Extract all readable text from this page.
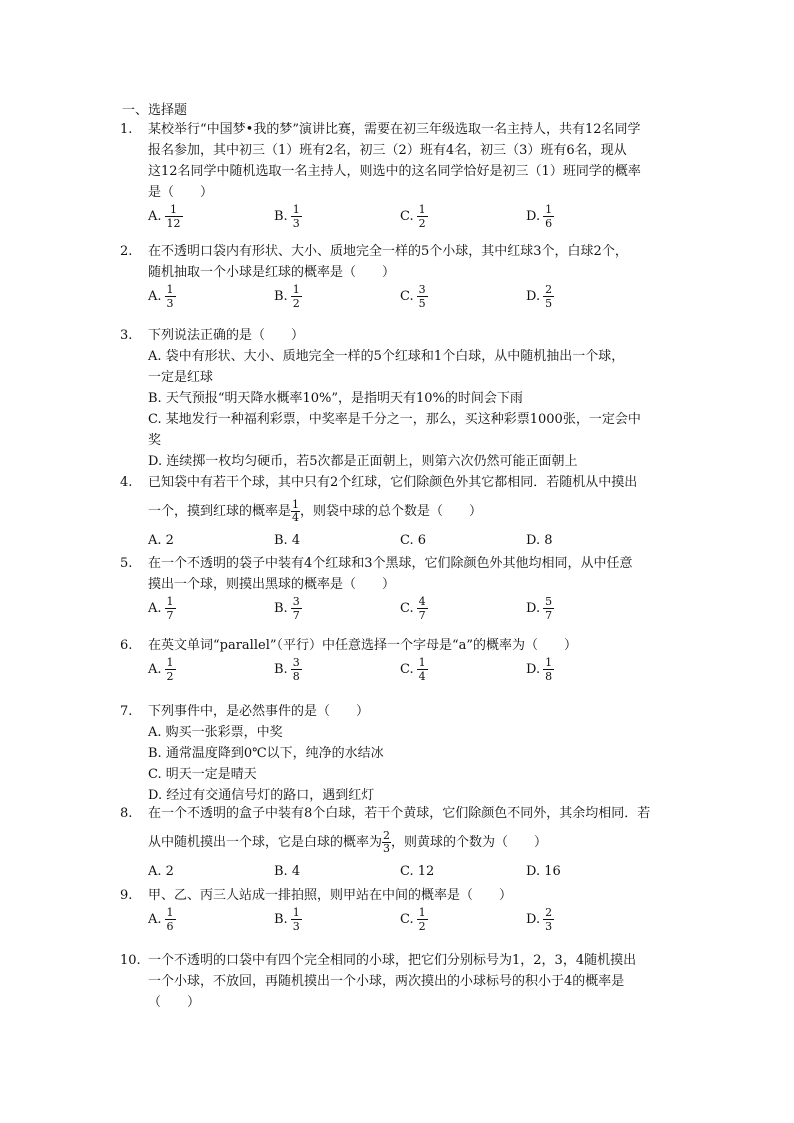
一、选择题
1.	某校举行“中国梦•我的梦”演讲比赛，需要在初三年级选取一名主持人，共有12名同学
报名参加，其中初三（1）班有2名，初三（2）班有4名，初三（3）班有6名，现从
这12名同学中随机选取一名主持人，则选中的这名同学恰好是初三（1）班同学的概率
是（　　）
A. $\frac{1}{12}$	B. $\frac{1}{3}$	C. $\frac{1}{2}$	D. $\frac{1}{6}$
2.	在不透明口袋内有形状、大小、质地完全一样的5个小球，其中红球3个，白球2个，
随机抽取一个小球是红球的概率是（　　）
A. $\frac{1}{3}$	B. $\frac{1}{2}$	C. $\frac{3}{5}$	D. $\frac{2}{5}$
3.	下列说法正确的是（　　）
A. 袋中有形状、大小、质地完全一样的5个红球和1个白球，从中随机抽出一个球，
一定是红球
B. 天气预报“明天降水概率10%”，是指明天有10%的时间会下雨
C. 某地发行一种福利彩票，中奖率是千分之一，那么，买这种彩票1000张，一定会中
奖
D. 连续掷一枚均匀硬币，若5次都是正面朝上，则第六次仍然可能正面朝上
4.	已知袋中有若干个球，其中只有2个红球，它们除颜色外其它都相同．若随机从中摸出
一个，摸到红球的概率是 $\frac{1}{4}$ ，则袋中球的总个数是（　　）
A. 2	B. 4	C. 6	D. 8
5.	在一个不透明的袋子中装有4个红球和3个黑球，它们除颜色外其他均相同，从中任意
摸出一个球，则摸出黑球的概率是（　　）
A. $\frac{1}{7}$	B. $\frac{3}{7}$	C. $\frac{4}{7}$	D. $\frac{5}{7}$
6.	在英文单词“parallel”（平行）中任意选择一个字母是“a”的概率为（　　）
A. $\frac{1}{2}$	B. $\frac{3}{8}$	C. $\frac{1}{4}$	D. $\frac{1}{8}$
7.	下列事件中，是必然事件的是（　　）
A. 购买一张彩票，中奖
B. 通常温度降到0℃以下，纯净的水结冰
C. 明天一定是晴天
D. 经过有交通信号灯的路口，遇到红灯
8.	在一个不透明的盒子中装有8个白球，若干个黄球，它们除颜色不同外，其余均相同．若
从中随机摸出一个球，它是白球的概率为 $\frac{2}{3}$ ，则黄球的个数为（　　）
A. 2	B. 4	C. 12	D. 16
9.	甲、乙、丙三人站成一排拍照，则甲站在中间的概率是（　　）
A. $\frac{1}{6}$	B. $\frac{1}{3}$	C. $\frac{1}{2}$	D. $\frac{2}{3}$
10. 一个不透明的口袋中有四个完全相同的小球，把它们分别标号为1，2，3，4随机摸出
一个小球，不放回，再随机摸出一个小球，两次摸出的小球标号的积小于4的概率是
（　　）
